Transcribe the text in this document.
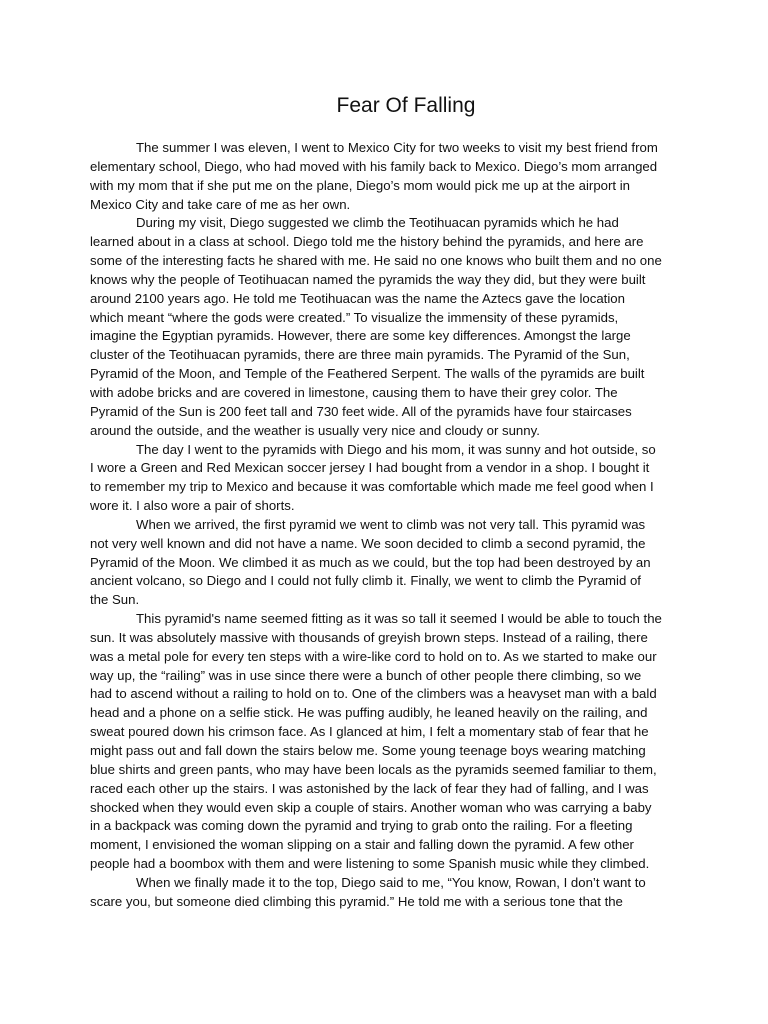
Fear Of Falling

The summer I was eleven, I went to Mexico City for two weeks to visit my best friend from elementary school, Diego, who had moved with his family back to Mexico. Diego’s mom arranged with my mom that if she put me on the plane, Diego’s mom would pick me up at the airport in Mexico City and take care of me as her own.

During my visit, Diego suggested we climb the Teotihuacan pyramids which he had learned about in a class at school. Diego told me the history behind the pyramids, and here are some of the interesting facts he shared with me. He said no one knows who built them and no one knows why the people of Teotihuacan named the pyramids the way they did, but they were built around 2100 years ago. He told me Teotihuacan was the name the Aztecs gave the location which meant “where the gods were created.” To visualize the immensity of these pyramids, imagine the Egyptian pyramids. However, there are some key differences. Amongst the large cluster of the Teotihuacan pyramids, there are three main pyramids. The Pyramid of the Sun, Pyramid of the Moon, and Temple of the Feathered Serpent. The walls of the pyramids are built with adobe bricks and are covered in limestone, causing them to have their grey color. The Pyramid of the Sun is 200 feet tall and 730 feet wide. All of the pyramids have four staircases around the outside, and the weather is usually very nice and cloudy or sunny.

The day I went to the pyramids with Diego and his mom, it was sunny and hot outside, so I wore a Green and Red Mexican soccer jersey I had bought from a vendor in a shop. I bought it to remember my trip to Mexico and because it was comfortable which made me feel good when I wore it. I also wore a pair of shorts.

When we arrived, the first pyramid we went to climb was not very tall. This pyramid was not very well known and did not have a name. We soon decided to climb a second pyramid, the Pyramid of the Moon. We climbed it as much as we could, but the top had been destroyed by an ancient volcano, so Diego and I could not fully climb it. Finally, we went to climb the Pyramid of the Sun.

This pyramid's name seemed fitting as it was so tall it seemed I would be able to touch the sun. It was absolutely massive with thousands of greyish brown steps. Instead of a railing, there was a metal pole for every ten steps with a wire-like cord to hold on to. As we started to make our way up, the “railing” was in use since there were a bunch of other people there climbing, so we had to ascend without a railing to hold on to. One of the climbers was a heavyset man with a bald head and a phone on a selfie stick. He was puffing audibly, he leaned heavily on the railing, and sweat poured down his crimson face. As I glanced at him, I felt a momentary stab of fear that he might pass out and fall down the stairs below me. Some young teenage boys wearing matching blue shirts and green pants, who may have been locals as the pyramids seemed familiar to them, raced each other up the stairs. I was astonished by the lack of fear they had of falling, and I was shocked when they would even skip a couple of stairs. Another woman who was carrying a baby in a backpack was coming down the pyramid and trying to grab onto the railing. For a fleeting moment, I envisioned the woman slipping on a stair and falling down the pyramid. A few other people had a boombox with them and were listening to some Spanish music while they climbed.

When we finally made it to the top, Diego said to me, “You know, Rowan, I don’t want to scare you, but someone died climbing this pyramid.” He told me with a serious tone that the
